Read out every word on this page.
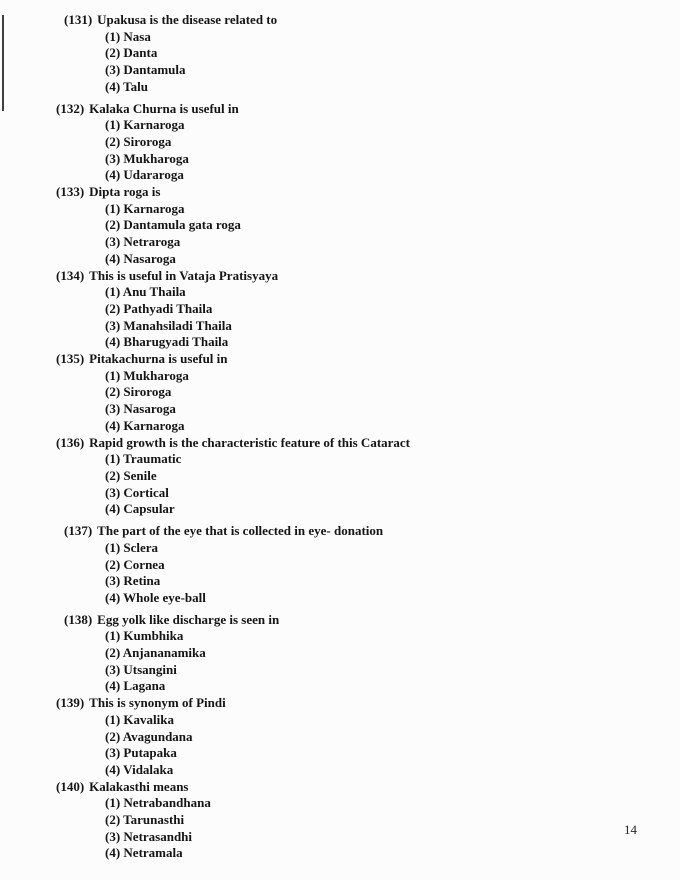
(131) Upakusa is the disease related to
(1) Nasa
(2) Danta
(3) Dantamula
(4) Talu
(132) Kalaka Churna is useful in
(1) Karnaroga
(2) Siroroga
(3) Mukharoga
(4) Udararoga
(133) Dipta roga is
(1) Karnaroga
(2) Dantamula gata roga
(3) Netraroga
(4) Nasaroga
(134) This is useful in Vataja Pratisyaya
(1) Anu Thaila
(2) Pathyadi Thaila
(3) Manahsiladi Thaila
(4) Bharugyadi Thaila
(135) Pitakachurna is useful in
(1) Mukharoga
(2) Siroroga
(3) Nasaroga
(4) Karnaroga
(136) Rapid growth is the characteristic feature of this Cataract
(1) Traumatic
(2) Senile
(3) Cortical
(4) Capsular
(137) The part of the eye that is collected in eye- donation
(1) Sclera
(2) Cornea
(3) Retina
(4) Whole eye-ball
(138) Egg yolk like discharge is seen in
(1) Kumbhika
(2) Anjananamika
(3) Utsangini
(4) Lagana
(139) This is synonym of Pindi
(1) Kavalika
(2) Avagundana
(3) Putapaka
(4) Vidalaka
(140) Kalakasthi means
(1) Netrabandhana
(2) Tarunasthi
(3) Netrasandhi
(4) Netramala
14
